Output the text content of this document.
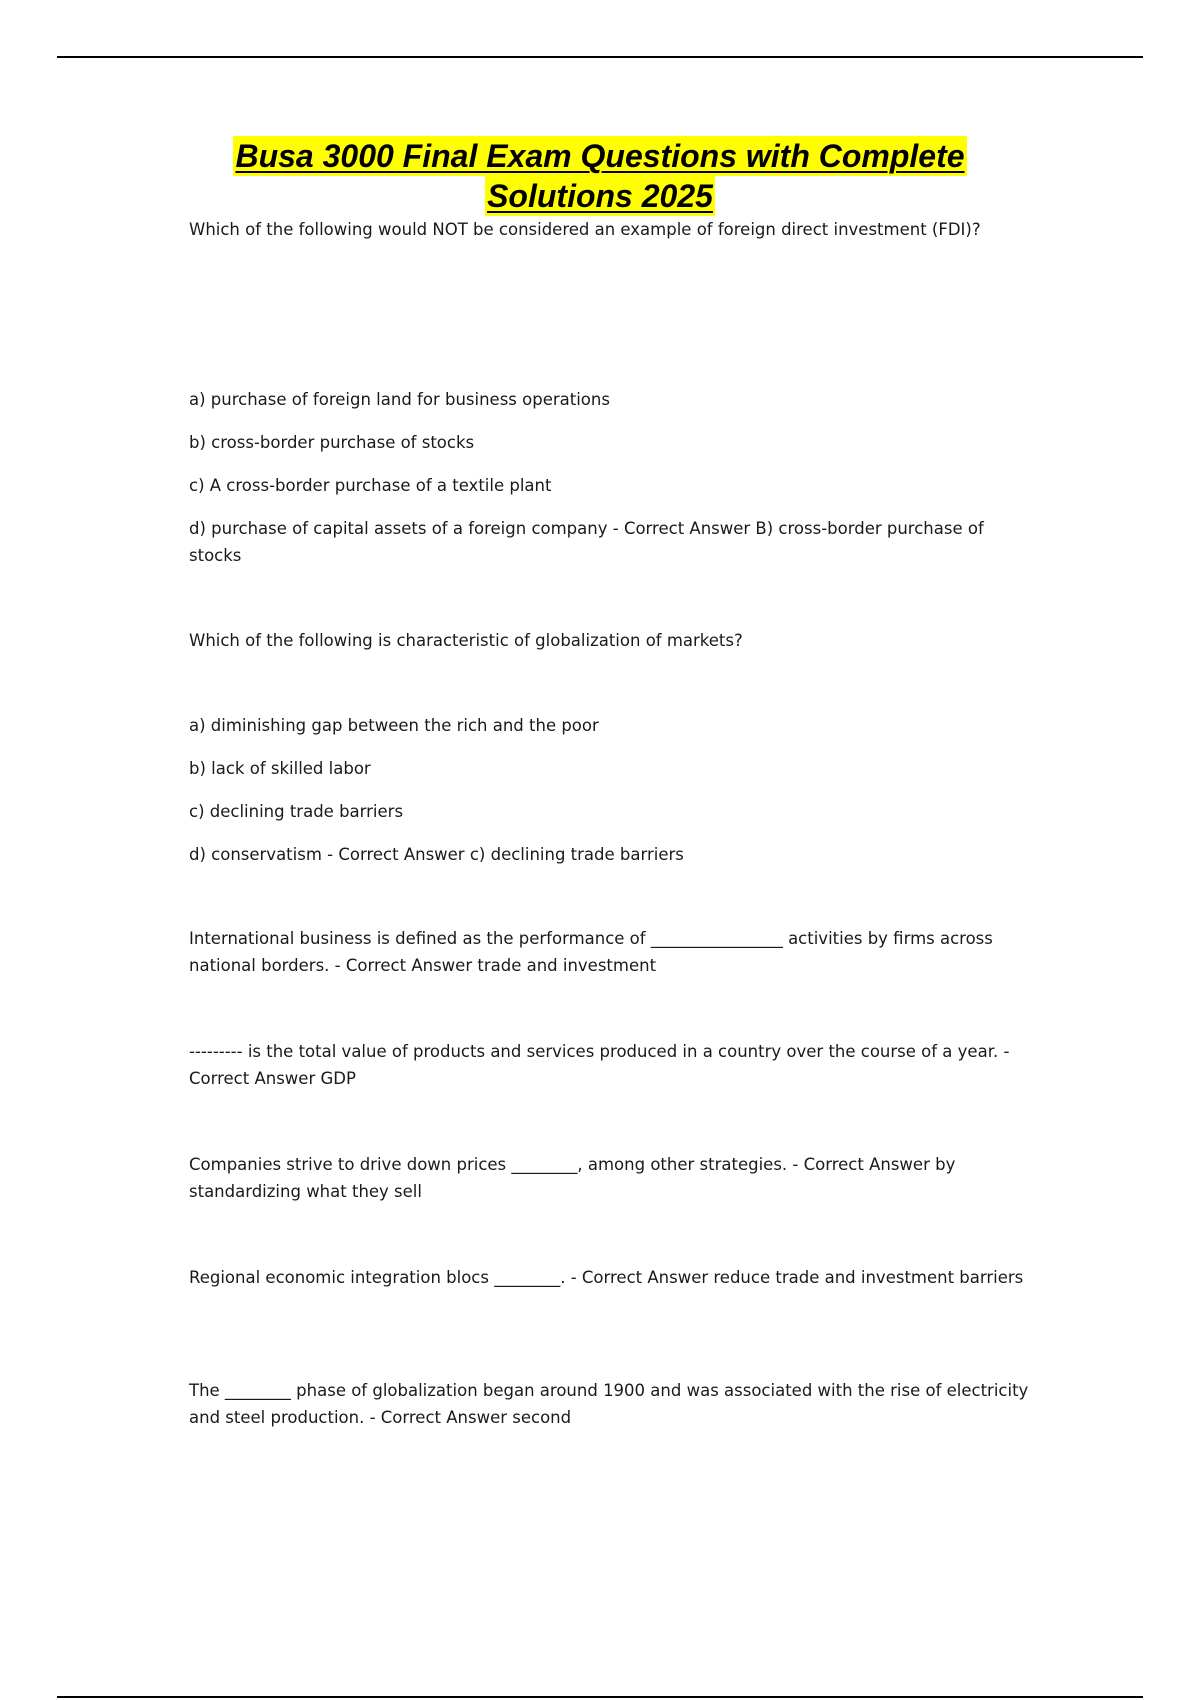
Busa 3000 Final Exam Questions with Complete
Solutions 2025

Which of the following would NOT be considered an example of foreign direct investment (FDI)?

a) purchase of foreign land for business operations

b) cross-border purchase of stocks

c) A cross-border purchase of a textile plant

d) purchase of capital assets of a foreign company - Correct Answer B) cross-border purchase of stocks

Which of the following is characteristic of globalization of markets?

a) diminishing gap between the rich and the poor

b) lack of skilled labor

c) declining trade barriers

d) conservatism - Correct Answer c) declining trade barriers

International business is defined as the performance of ________________ activities by firms across national borders. - Correct Answer trade and investment

--------- is the total value of products and services produced in a country over the course of a year. - Correct Answer GDP

Companies strive to drive down prices ________, among other strategies. - Correct Answer by standardizing what they sell

Regional economic integration blocs ________. - Correct Answer reduce trade and investment barriers

The ________ phase of globalization began around 1900 and was associated with the rise of electricity and steel production. - Correct Answer second
